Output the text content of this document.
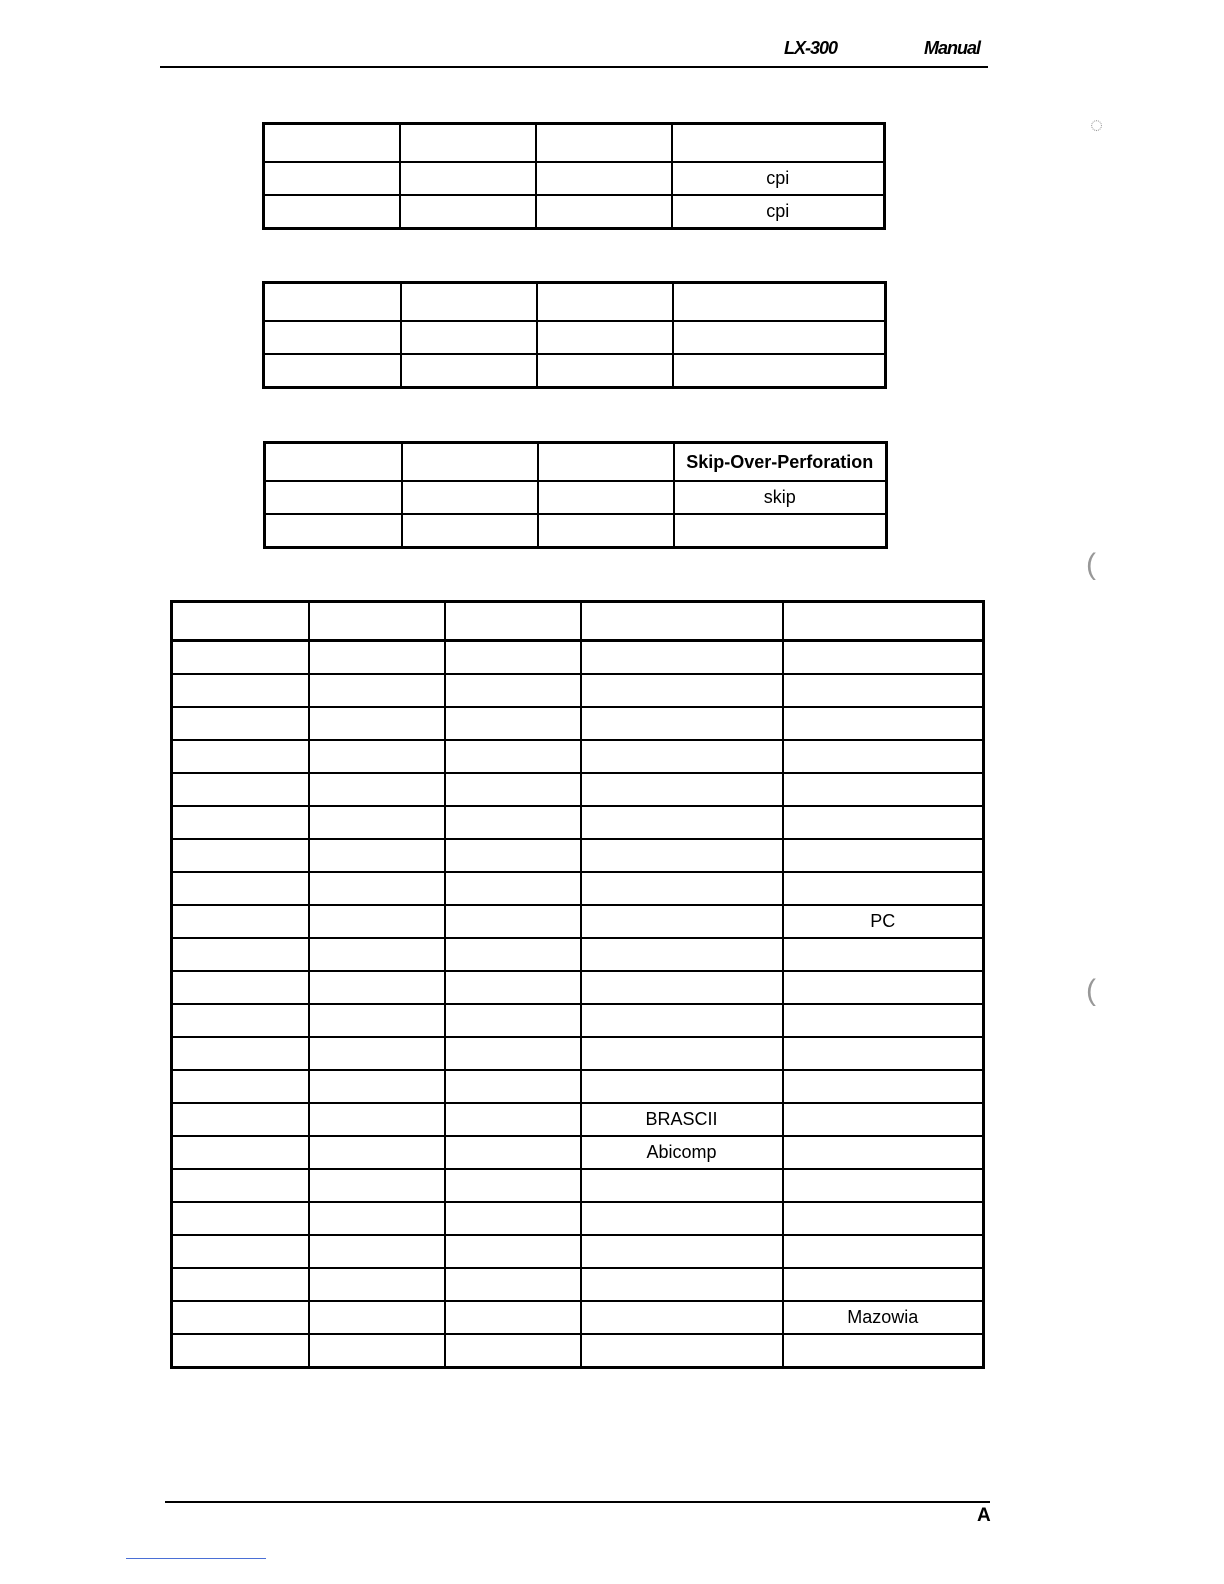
LX-300	Manual

			cpi
			cpi

			Skip-Over-Perforation
			skip

				PC

			BRASCII	
			Abicomp	

				Mazowia

A
◌
(
(
